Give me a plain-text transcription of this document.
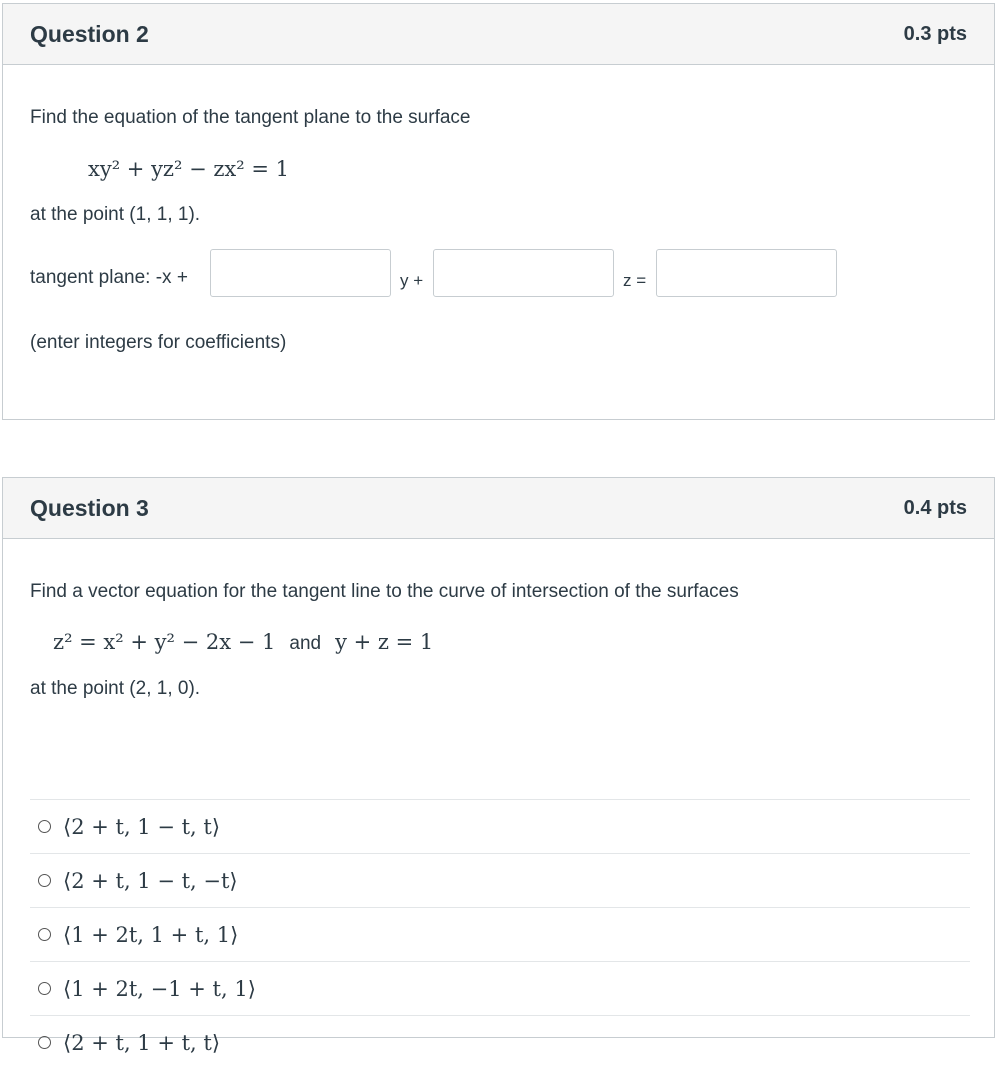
Question 2	0.3 pts
Find the equation of the tangent plane to the surface
xy² + yz² − zx² = 1
at the point (1, 1, 1).
tangent plane: -x +	y +	z =
(enter integers for coefficients)
Question 3	0.4 pts
Find a vector equation for the tangent line to the curve of intersection of the surfaces
z² = x² + y² − 2x − 1 and y + z = 1
at the point (2, 1, 0).
⟨2 + t, 1 − t, t⟩
⟨2 + t, 1 − t, −t⟩
⟨1 + 2t, 1 + t, 1⟩
⟨1 + 2t, −1 + t, 1⟩
⟨2 + t, 1 + t, t⟩
